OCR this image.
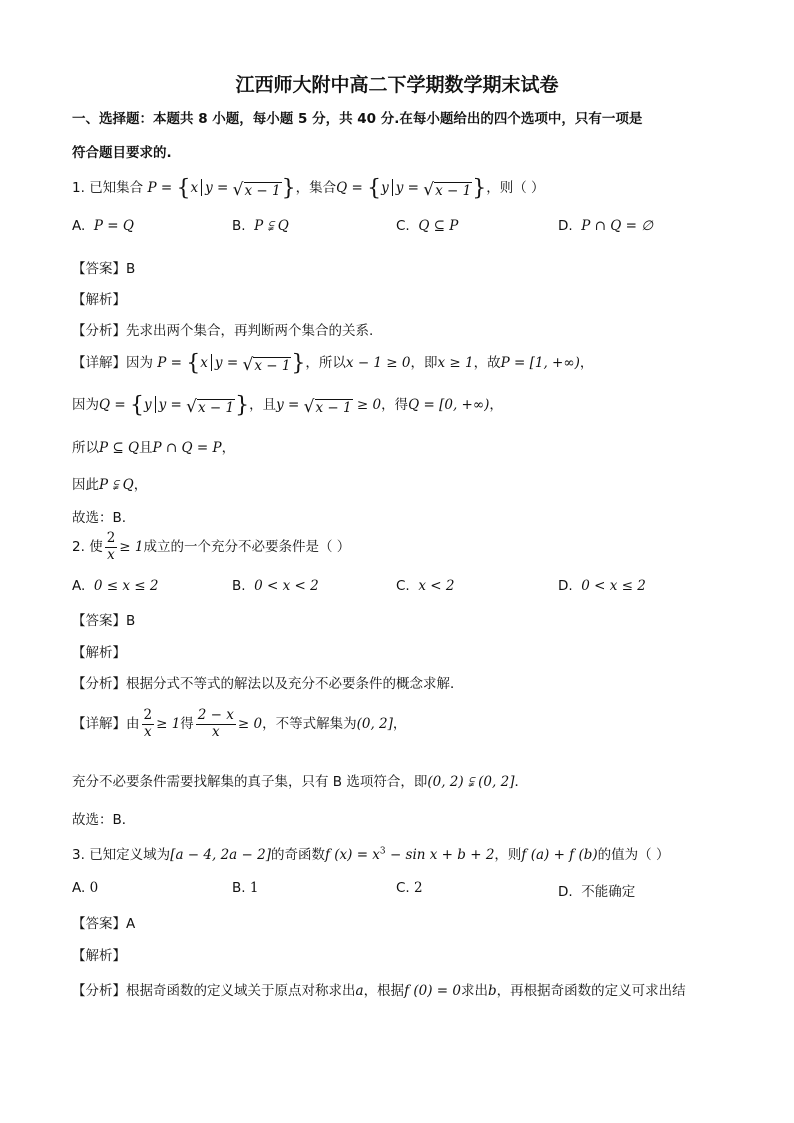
江西师大附中高二下学期数学期末试卷
一、选择题：本题共 8 小题，每小题 5 分，共 40 分.在每小题给出的四个选项中，只有一项是
符合题目要求的.
1. 已知集合 P = {x y = √x − 1}，集合Q = {y y = √x − 1}，则（ ）
A. P = Q	B. P ⫋ Q	C. Q ⊆ P	D. P ∩ Q = ∅
【答案】B
【解析】
【分析】先求出两个集合，再判断两个集合的关系.
【详解】因为 P = {x y = √x − 1}，所以x − 1 ≥ 0，即x ≥ 1，故P = [1, +∞)，
因为Q = {y y = √x − 1}，且y = √x − 1 ≥ 0，得Q = [0, +∞)，
所以P ⊆ Q且P ∩ Q = P，
因此P ⫋ Q，
故选：B.
2. 使 $\frac{2}{x} \ge 1$成立的一个充分不必要条件是（ ）
A. 0 ≤ x ≤ 2	B. 0 < x < 2	C. x < 2	D. 0 < x ≤ 2
【答案】B
【解析】
【分析】根据分式不等式的解法以及充分不必要条件的概念求解．
【详解】由 $\frac{2}{x} \ge 1$得 $\frac{2 - x}{x} \ge 0$，不等式解集为(0, 2]，
充分不必要条件需要找解集的真子集，只有 B 选项符合，即(0, 2) ⫋ (0, 2]．
故选：B．
3. 已知定义域为[a − 4, 2a − 2]的奇函数f $(x) = x^3 - \sin x + b + 2$，则f (a) + f (b)的值为（ ）
A. 0	B. 1	C. 2	D. 不能确定
【答案】A
【解析】
【分析】根据奇函数的定义域关于原点对称求出a，根据f (0) = 0求出b，再根据奇函数的定义可求出结
